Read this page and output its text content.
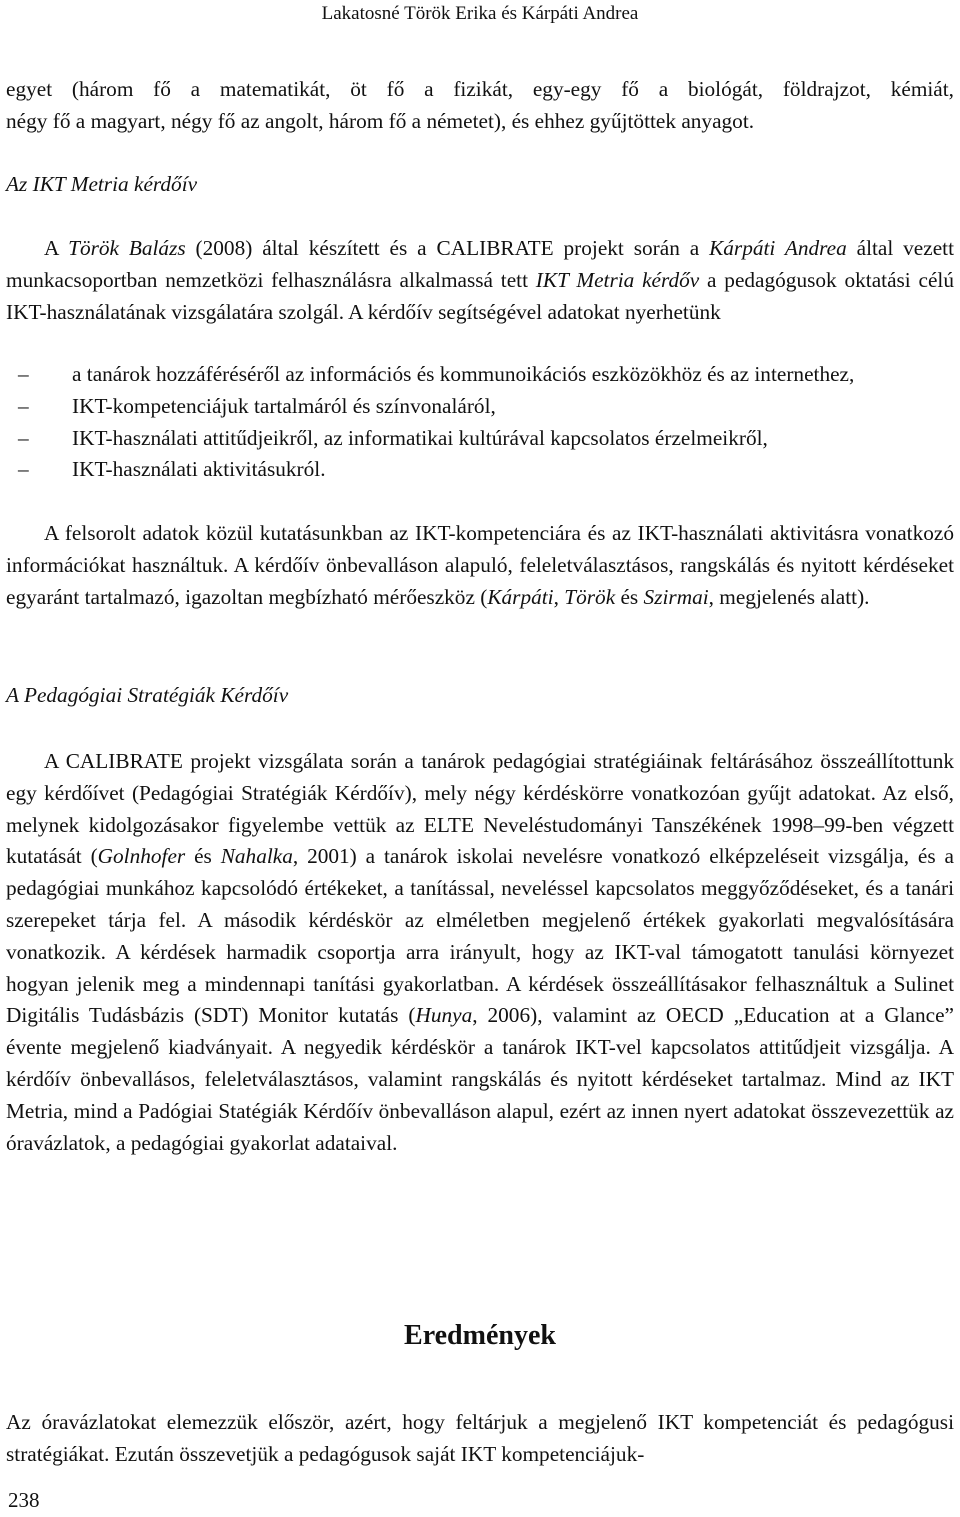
Lakatosné Török Erika és Kárpáti Andrea

egyet (három fő a matematikát, öt fő a fizikát, egy-egy fő a biológát, földrajzot, kémiát,
négy fő a magyart, négy fő az angolt, három fő a németet), és ehhez gyűjtöttek anyagot.

Az IKT Metria kérdőív

A Török Balázs (2008) által készített és a CALIBRATE projekt során a Kárpáti Andrea által vezett munkacsoportban nemzetközi felhasználásra alkalmassá tett IKT Metria kérdőv a pedagógusok oktatási célú IKT-használatának vizsgálatára szolgál. A kérdőív segítségével adatokat nyerhetünk

– a tanárok hozzáféréséről az információs és kommunoikációs eszközökhöz és az internethez,
– IKT-kompetenciájuk tartalmáról és színvonaláról,
– IKT-használati attitűdjeikről, az informatikai kultúrával kapcsolatos érzelmeikről,
– IKT-használati aktivitásukról.

A felsorolt adatok közül kutatásunkban az IKT-kompetenciára és az IKT-használati aktivitásra vonatkozó információkat használtuk. A kérdőív önbevalláson alapuló, feleletválasztásos, rangskálás és nyitott kérdéseket egyaránt tartalmazó, igazoltan megbízható mérőeszköz (Kárpáti, Török és Szirmai, megjelenés alatt).

A Pedagógiai Stratégiák Kérdőív

A CALIBRATE projekt vizsgálata során a tanárok pedagógiai stratégiáinak feltárásához összeállítottunk egy kérdőívet (Pedagógiai Stratégiák Kérdőív), mely négy kérdéskörre vonatkozóan gyűjt adatokat. Az első, melynek kidolgozásakor figyelembe vettük az ELTE Neveléstudományi Tanszékének 1998–99-ben végzett kutatását (Golnhofer és Nahalka, 2001) a tanárok iskolai nevelésre vonatkozó elképzeléseit vizsgálja, és a pedagógiai munkához kapcsolódó értékeket, a tanítással, neveléssel kapcsolatos meggyőződéseket, és a tanári szerepeket tárja fel. A második kérdéskör az elméletben megjelenő értékek gyakorlati megvalósítására vonatkozik. A kérdések harmadik csoportja arra irányult, hogy az IKT-val támogatott tanulási környezet hogyan jelenik meg a mindennapi tanítási gyakorlatban. A kérdések összeállításakor felhasználtuk a Sulinet Digitális Tudásbázis (SDT) Monitor kutatás (Hunya, 2006), valamint az OECD „Education at a Glance” évente megjelenő kiadványait. A negyedik kérdéskör a tanárok IKT-vel kapcsolatos attitűdjeit vizsgálja. A kérdőív önbevallásos, feleletválasztásos, valamint rangskálás és nyitott kérdéseket tartalmaz. Mind az IKT Metria, mind a Padógiai Statégiák Kérdőív önbevalláson alapul, ezért az innen nyert adatokat összevezettük az óravázlatok, a pedagógiai gyakorlat adataival.

Eredmények

Az óravázlatokat elemezzük először, azért, hogy feltárjuk a megjelenő IKT kompetenciát és pedagógusi stratégiákat. Ezután összevetjük a pedagógusok saját IKT kompetenciájuk-

238
